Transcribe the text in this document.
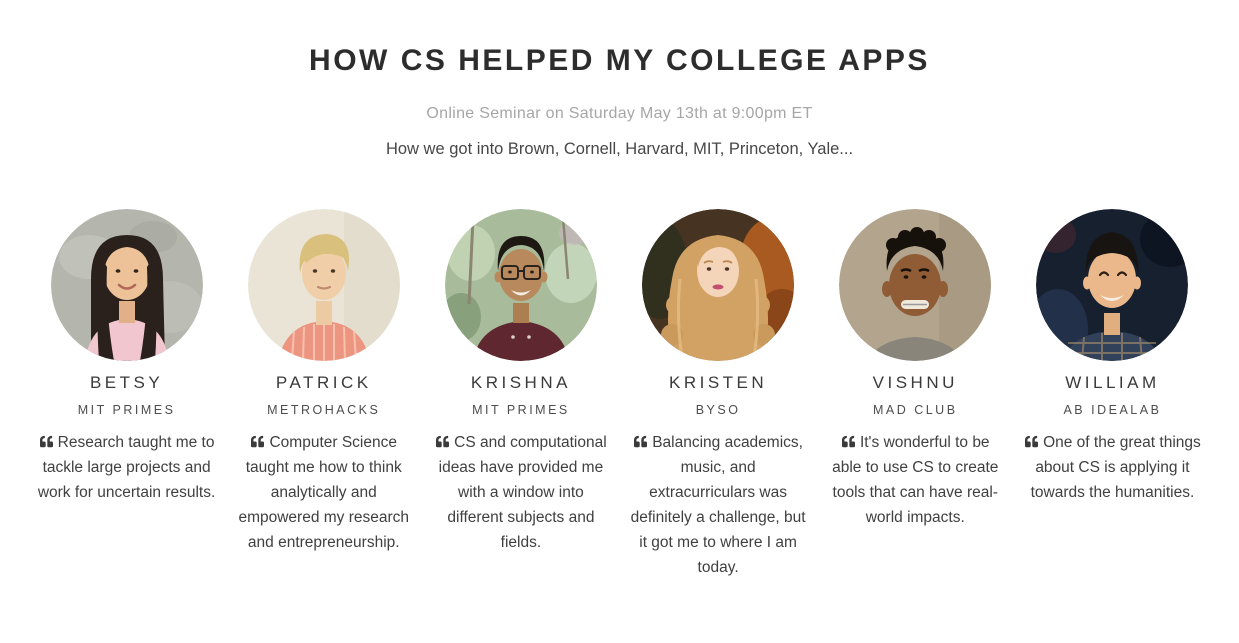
HOW CS HELPED MY COLLEGE APPS
Online Seminar on Saturday May 13th at 9:00pm ET
How we got into Brown, Cornell, Harvard, MIT, Princeton, Yale...
BETSY
MIT PRIMES

Research taught me to tackle large projects and work for uncertain results.

PATRICK
METROHACKS

Computer Science taught me how to think analytically and empowered my research and entrepreneurship.

KRISHNA
MIT PRIMES

CS and computational ideas have provided me with a window into different subjects and fields.

KRISTEN
BYSO

Balancing academics, music, and extracurriculars was definitely a challenge, but it got me to where I am today.

VISHNU
MAD CLUB

It's wonderful to be able to use CS to create tools that can have real-world impacts.

WILLIAM
AB IDEALAB

One of the great things about CS is applying it towards the humanities.
